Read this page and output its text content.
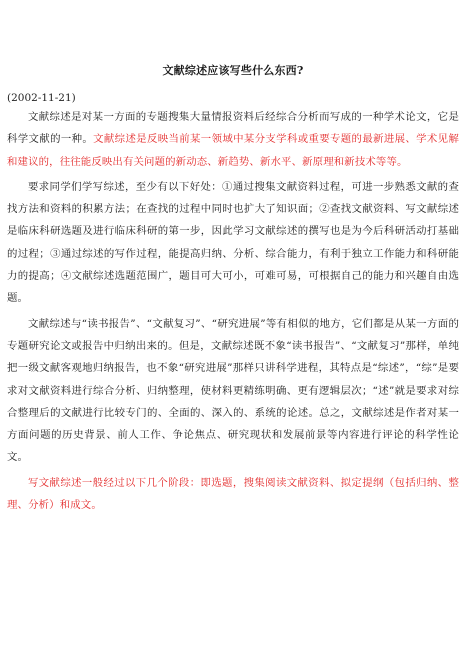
文献综述应该写些什么东西?
(2002-11-21)

文献综述是对某一方面的专题搜集大量情报资料后经综合分析而写成的一种学术论文，它是科学文献的一种。文献综述是反映当前某一领域中某分支学科或重要专题的最新进展、学术见解和建议的，往往能反映出有关问题的新动态、新趋势、新水平、新原理和新技术等等。

要求同学们学写综述，至少有以下好处：①通过搜集文献资料过程，可进一步熟悉文献的查找方法和资料的积累方法；在查找的过程中同时也扩大了知识面；②查找文献资料、写文献综述是临床科研选题及进行临床科研的第一步，因此学习文献综述的撰写也是为今后科研活动打基础的过程；③通过综述的写作过程，能提高归纳、分析、综合能力，有利于独立工作能力和科研能力的提高；④文献综述选题范围广，题目可大可小，可难可易，可根据自己的能力和兴趣自由选题。

文献综述与“读书报告”、“文献复习”、“研究进展”等有相似的地方，它们都是从某一方面的专题研究论文或报告中归纳出来的。但是，文献综述既不象“读书报告”、“文献复习”那样，单纯把一级文献客观地归纳报告，也不象“研究进展”那样只讲科学进程，其特点是“综述”，“综”是要求对文献资料进行综合分析、归纳整理，使材料更精练明确、更有逻辑层次；“述”就是要求对综合整理后的文献进行比较专门的、全面的、深入的、系统的论述。总之，文献综述是作者对某一方面问题的历史背景、前人工作、争论焦点、研究现状和发展前景等内容进行评论的科学性论文。

写文献综述一般经过以下几个阶段：即选题，搜集阅读文献资料、拟定提纲（包括归纳、整理、分析）和成文。
